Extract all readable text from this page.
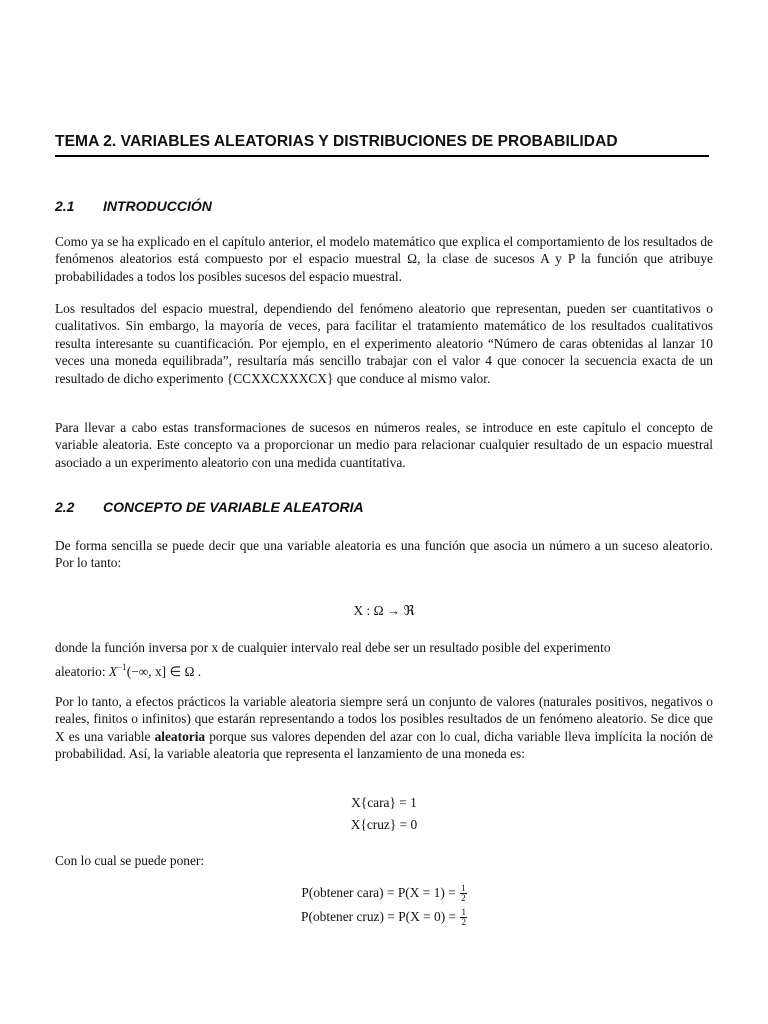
TEMA 2. VARIABLES ALEATORIAS Y DISTRIBUCIONES DE PROBABILIDAD
2.1 INTRODUCCIÓN
Como ya se ha explicado en el capítulo anterior, el modelo matemático que explica el comportamiento de los resultados de fenómenos aleatorios está compuesto por el espacio muestral Ω, la clase de sucesos A y P la función que atribuye probabilidades a todos los posibles sucesos del espacio muestral.
Los resultados del espacio muestral, dependiendo del fenómeno aleatorio que representan, pueden ser cuantitativos o cualitativos. Sin embargo, la mayoría de veces, para facilitar el tratamiento matemático de los resultados cualitativos resulta interesante su cuantificación. Por ejemplo, en el experimento aleatorio “Número de caras obtenidas al lanzar 10 veces una moneda equilibrada”, resultaría más sencillo trabajar con el valor 4 que conocer la secuencia exacta de un resultado de dicho experimento {CCXXCXXXCX} que conduce al mismo valor.
Para llevar a cabo estas transformaciones de sucesos en números reales, se introduce en este capítulo el concepto de variable aleatoria. Este concepto va a proporcionar un medio para relacionar cualquier resultado de un espacio muestral asociado a un experimento aleatorio con una medida cuantitativa.
2.2 CONCEPTO DE VARIABLE ALEATORIA
De forma sencilla se puede decir que una variable aleatoria es una función que asocia un número a un suceso aleatorio. Por lo tanto:
X : Ω → ℜ
donde la función inversa por x de cualquier intervalo real debe ser un resultado posible del experimento
aleatorio: $X^{-1}(-\infty$, x] ∈ Ω .
Por lo tanto, a efectos prácticos la variable aleatoria siempre será un conjunto de valores (naturales positivos, negativos o reales, finitos o infinitos) que estarán representando a todos los posibles resultados de un fenómeno aleatorio. Se dice que X es una variable aleatoria porque sus valores dependen del azar con lo cual, dicha variable lleva implícita la noción de probabilidad. Así, la variable aleatoria que representa el lanzamiento de una moneda es:
X{cara} = 1
X{cruz} = 0
Con lo cual se puede poner:
P(obtener cara) = $P(X = 1) = \frac{1}{2}$
P(obtener cruz) = $P(X = 0) = \frac{1}{2}$
